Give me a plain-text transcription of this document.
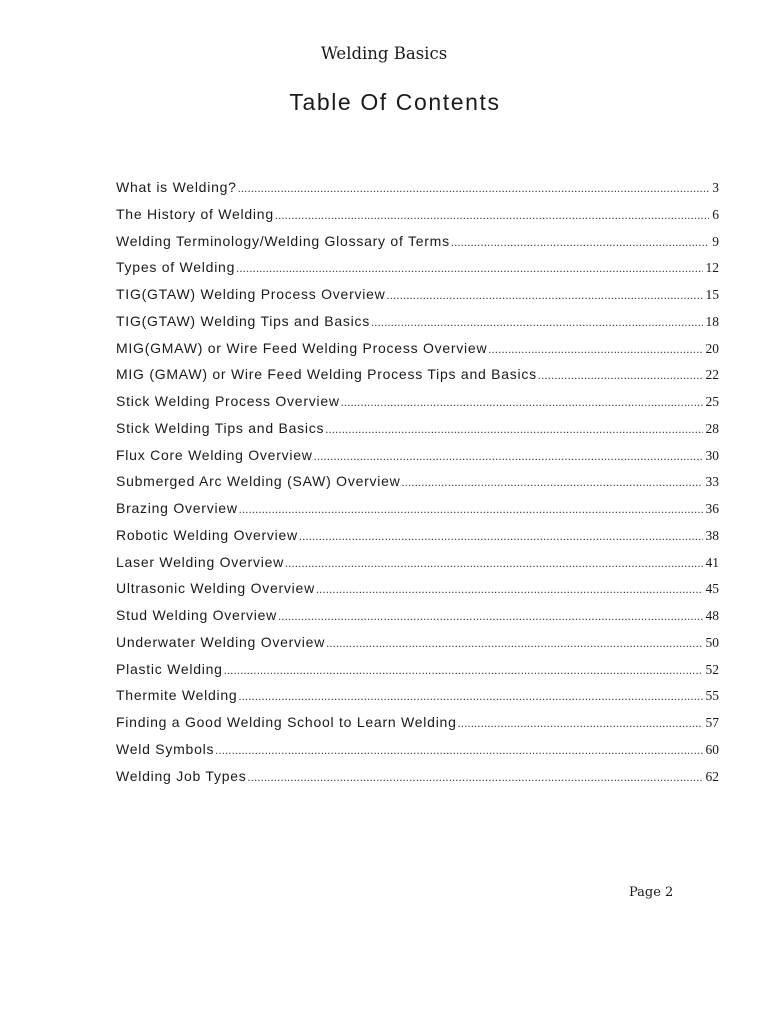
Welding Basics
Table Of Contents
What is Welding? .....	3
The History of Welding .....	6
Welding Terminology/Welding Glossary of Terms .....	9
Types of Welding .....	12
TIG(GTAW) Welding Process Overview .....	15
TIG(GTAW) Welding Tips and Basics .....	18
MIG(GMAW) or Wire Feed Welding Process Overview .....	20
MIG (GMAW) or Wire Feed Welding Process Tips and Basics .....	22
Stick Welding Process Overview .....	25
Stick Welding Tips and Basics .....	28
Flux Core Welding Overview .....	30
Submerged Arc Welding (SAW) Overview .....	33
Brazing Overview .....	36
Robotic Welding Overview .....	38
Laser Welding Overview .....	41
Ultrasonic Welding Overview .....	45
Stud Welding Overview .....	48
Underwater Welding Overview .....	50
Plastic Welding .....	52
Thermite Welding .....	55
Finding a Good Welding School to Learn Welding .....	57
Weld Symbols .....	60
Welding Job Types .....	62
Page 2
